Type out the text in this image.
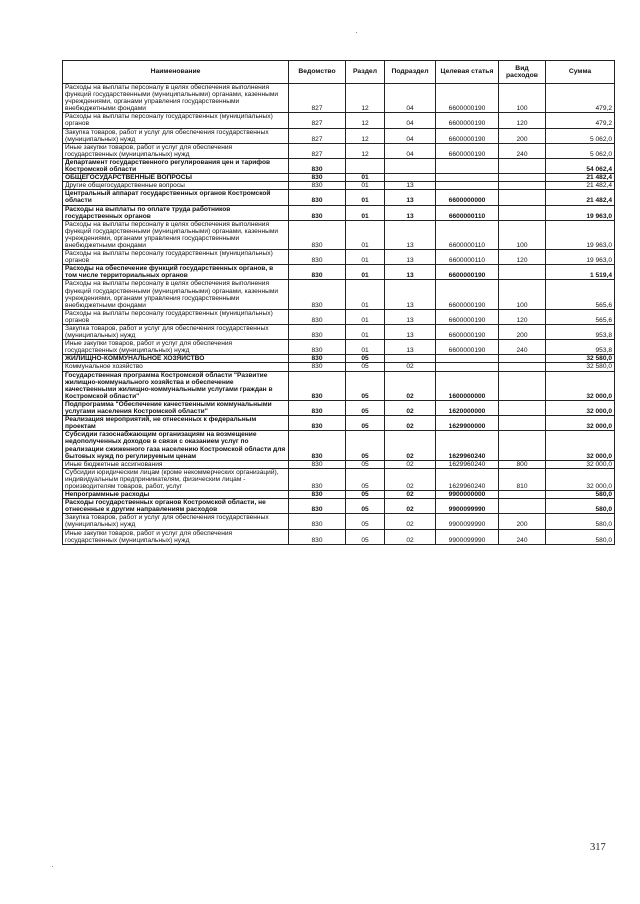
Наименование	Ведомство	Раздел	Подраздел	Целевая статья	Вид расходов	Сумма
Расходы на выплаты персоналу в целях обеспечения выполнения функций государственными (муниципальными) органами, казенными учреждениями, органами управления государственными внебюджетными фондами	827	12	04	6600000190	100	479,2
Расходы на выплаты персоналу государственных (муниципальных) органов	827	12	04	6600000190	120	479,2
Закупка товаров, работ и услуг для обеспечения государственных (муниципальных) нужд	827	12	04	6600000190	200	5 062,0
Иные закупки товаров, работ и услуг для обеспечения государственных (муниципальных) нужд	827	12	04	6600000190	240	5 062,0
Департамент государственного регулирования цен и тарифов Костромской области	830					54 062,4
ОБЩЕГОСУДАРСТВЕННЫЕ ВОПРОСЫ	830	01				21 482,4
Другие общегосударственные вопросы	830	01	13			21 482,4
Центральный аппарат государственных органов Костромской области	830	01	13	6600000000		21 482,4
Расходы на выплаты по оплате труда работников государственных органов	830	01	13	6600000110		19 963,0
Расходы на выплаты персоналу в целях обеспечения выполнения функций государственными (муниципальными) органами, казенными учреждениями, органами управления государственными внебюджетными фондами	830	01	13	6600000110	100	19 963,0
Расходы на выплаты персоналу государственных (муниципальных) органов	830	01	13	6600000110	120	19 963,0
Расходы на обеспечение функций государственных органов, в том числе территориальных органов	830	01	13	6600000190		1 519,4
Расходы на выплаты персоналу в целях обеспечения выполнения функций государственными (муниципальными) органами, казенными учреждениями, органами управления государственными внебюджетными фондами	830	01	13	6600000190	100	565,6
Расходы на выплаты персоналу государственных (муниципальных) органов	830	01	13	6600000190	120	565,6
Закупка товаров, работ и услуг для обеспечения государственных (муниципальных) нужд	830	01	13	6600000190	200	953,8
Иные закупки товаров, работ и услуг для обеспечения государственных (муниципальных) нужд	830	01	13	6600000190	240	953,8
ЖИЛИЩНО-КОММУНАЛЬНОЕ ХОЗЯЙСТВО	830	05				32 580,0
Коммунальное хозяйство	830	05	02			32 580,0
Государственная программа Костромской области "Развитие жилищно-коммунального хозяйства и обеспечение качественными жилищно-коммунальными услугами граждан в Костромской области"	830	05	02	1600000000		32 000,0
Подпрограмма "Обеспечение качественными коммунальными услугами населения Костромской области"	830	05	02	1620000000		32 000,0
Реализация мероприятий, не отнесенных к федеральным проектам	830	05	02	1629900000		32 000,0
Субсидии газоснабжающим организациям на возмещение недополученных доходов в связи с оказанием услуг по реализации сжиженного газа населению Костромской области для бытовых нужд по регулируемым ценам	830	05	02	1629960240		32 000,0
Иные бюджетные ассигнования	830	05	02	1629960240	800	32 000,0
Субсидии юридическим лицам (кроме некоммерческих организаций), индивидуальным предпринимателям, физическим лицам - производителям товаров, работ, услуг	830	05	02	1629960240	810	32 000,0
Непрограммные расходы	830	05	02	9900000000		580,0
Расходы государственных органов Костромской области, не отнесенные к другим направлениям расходов	830	05	02	9900099990		580,0
Закупка товаров, работ и услуг для обеспечения государственных (муниципальных) нужд	830	05	02	9900099990	200	580,0
Иные закупки товаров, работ и услуг для обеспечения государственных (муниципальных) нужд	830	05	02	9900099990	240	580,0
317
